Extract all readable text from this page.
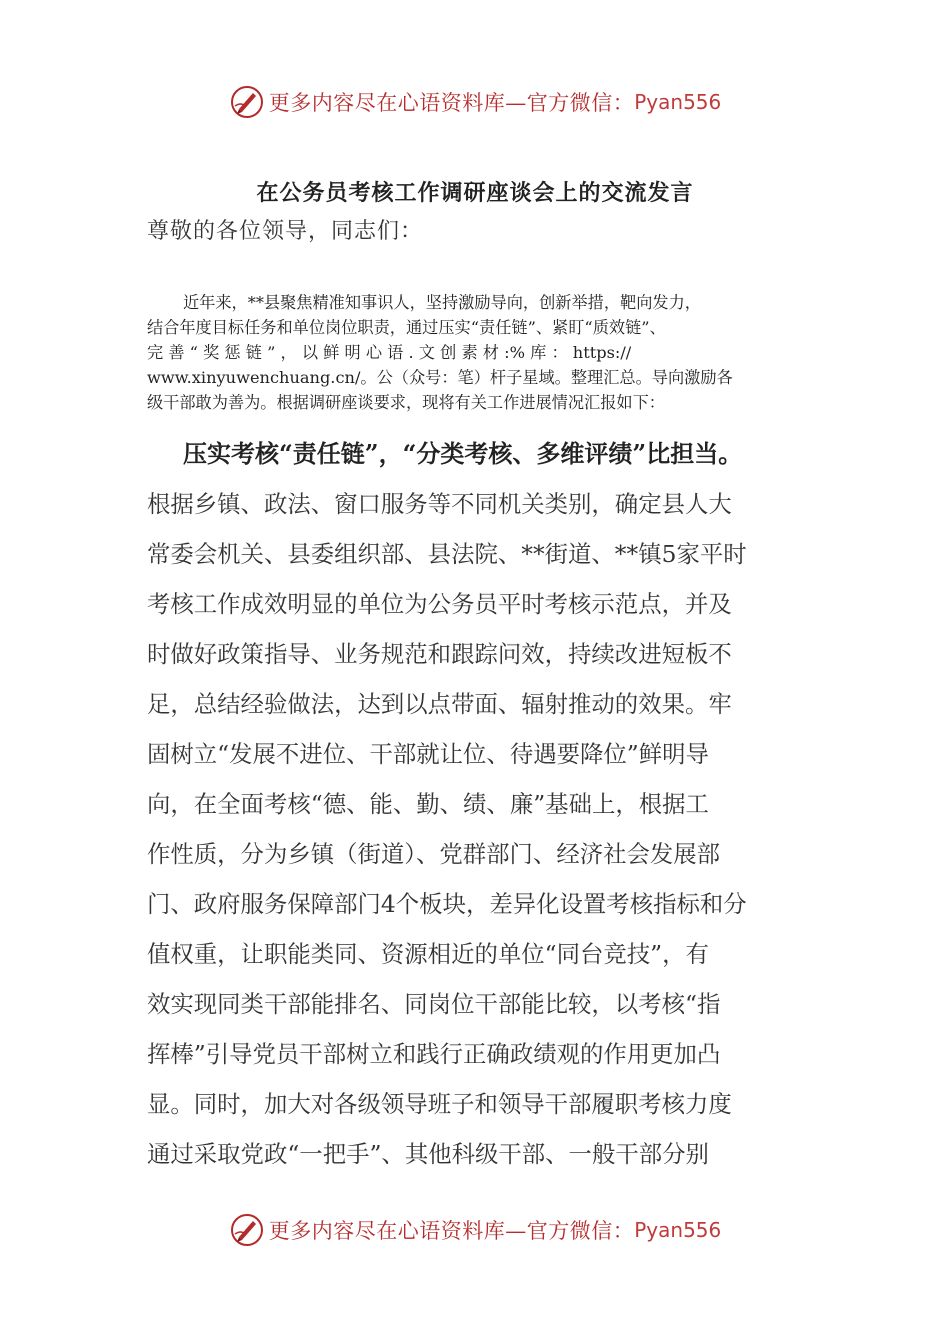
更多内容尽在心语资料库—官方微信： Pyan556
在公务员考核工作调研座谈会上的交流发言

尊敬的各位领导，同志们：

近年来，**县聚焦精准知事识人，坚持激励导向，创新举措，靶向发力，
结合年度目标任务和单位岗位职责，通过压实“责任链”、紧盯“质效链”、
完 善 “ 奖 惩 链 ” ， 以 鲜 明 心 语 . 文 创 素 材 :% 库 ： https://
www.xinyuwenchuang.cn/。公（众号：笔）杆子星域。整理汇总。导向激励各
级干部敢为善为。根据调研座谈要求，现将有关工作进展情况汇报如下：
压实考核“责任链”，“分类考核、多维评绩”比担当。

根据乡镇、政法、窗口服务等不同机关类别，确定县人大

常委会机关、县委组织部、县法院、**街道、**镇5家平时

考核工作成效明显的单位为公务员平时考核示范点，并及

时做好政策指导、业务规范和跟踪问效，持续改进短板不

足，总结经验做法，达到以点带面、辐射推动的效果。牢

固树立“发展不进位、干部就让位、待遇要降位”鲜明导

向，在全面考核“德、能、勤、绩、廉”基础上，根据工

作性质，分为乡镇（街道）、党群部门、经济社会发展部

门、政府服务保障部门4个板块，差异化设置考核指标和分

值权重，让职能类同、资源相近的单位“同台竞技”，有

效实现同类干部能排名、同岗位干部能比较，以考核“指

挥棒”引导党员干部树立和践行正确政绩观的作用更加凸

显。同时，加大对各级领导班子和领导干部履职考核力度

通过采取党政“一把手”、其他科级干部、一般干部分别

更多内容尽在心语资料库—官方微信： Pyan556
